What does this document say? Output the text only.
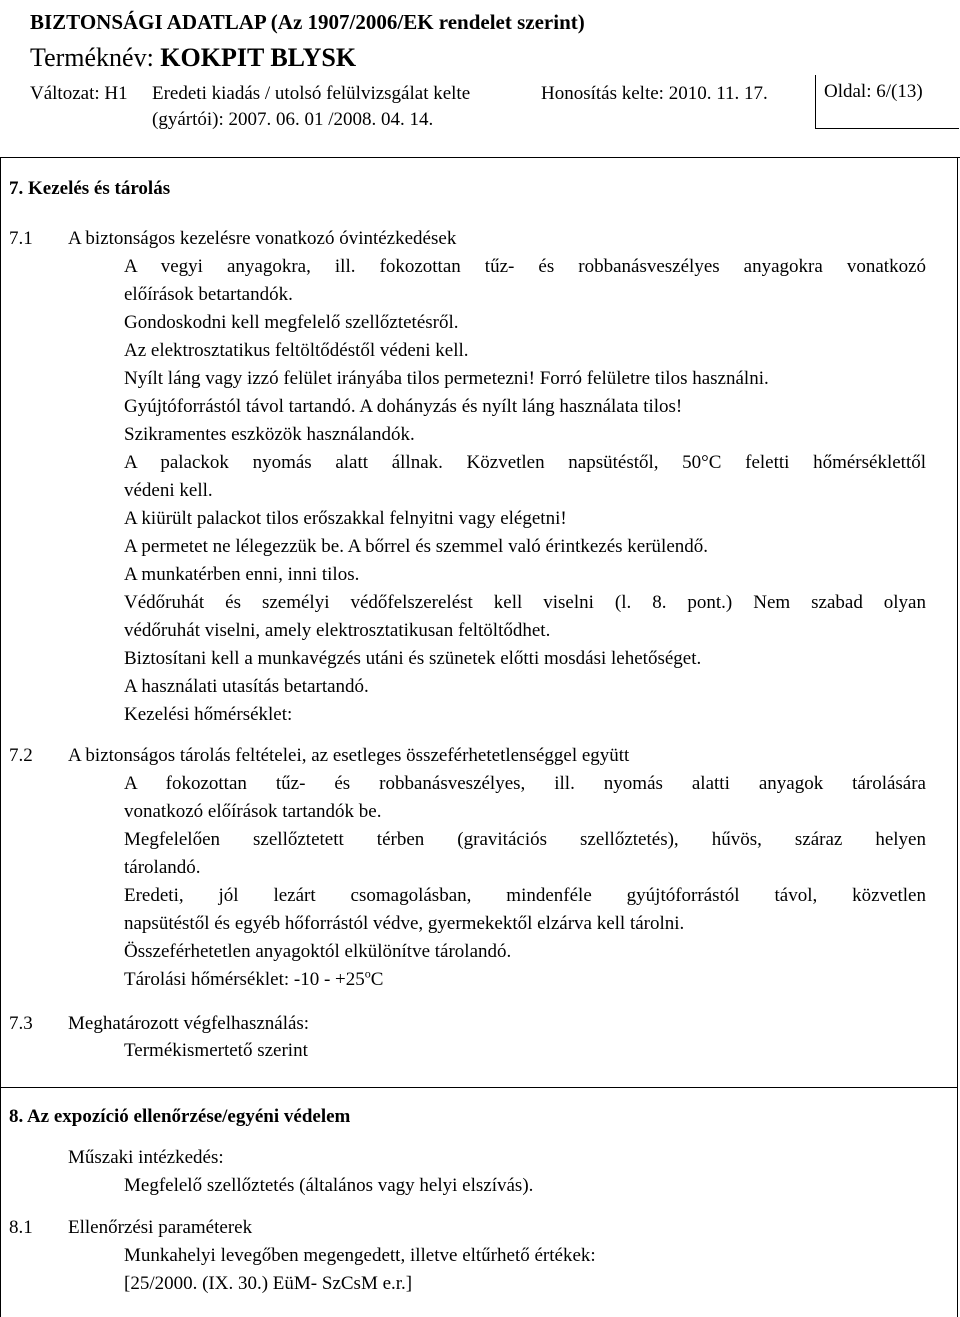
BIZTONSÁGI ADATLAP (Az 1907/2006/EK rendelet szerint)
Terméknév: KOKPIT BLYSK
Változat: H1 Eredeti kiadás / utolsó felülvizsgálat kelte
(gyártói): 2007. 06. 01 /2008. 04. 14.
Honosítás kelte: 2010. 11. 17.	Oldal: 6/(13)
7. Kezelés és tárolás
7.1 A biztonságos kezelésre vonatkozó óvintézkedések
A vegyi anyagokra, ill. fokozottan tűz- és robbanásveszélyes anyagokra vonatkozó
előírások betartandók.
Gondoskodni kell megfelelő szellőztetésről.
Az elektrosztatikus feltöltődéstől védeni kell.
Nyílt láng vagy izzó felület irányába tilos permetezni! Forró felületre tilos használni.
Gyújtóforrástól távol tartandó. A dohányzás és nyílt láng használata tilos!
Szikramentes eszközök használandók.
A palackok nyomás alatt állnak. Közvetlen napsütéstől, 50°C feletti hőmérséklettől
védeni kell.
A kiürült palackot tilos erőszakkal felnyitni vagy elégetni!
A permetet ne lélegezzük be. A bőrrel és szemmel való érintkezés kerülendő.
A munkatérben enni, inni tilos.
Védőruhát és személyi védőfelszerelést kell viselni (l. 8. pont.) Nem szabad olyan
védőruhát viselni, amely elektrosztatikusan feltöltődhet.
Biztosítani kell a munkavégzés utáni és szünetek előtti mosdási lehetőséget.
A használati utasítás betartandó.
Kezelési hőmérséklet:
7.2 A biztonságos tárolás feltételei, az esetleges összeférhetetlenséggel együtt
A fokozottan tűz- és robbanásveszélyes, ill. nyomás alatti anyagok tárolására
vonatkozó előírások tartandók be.
Megfelelően szellőztetett térben (gravitációs szellőztetés), hűvös, száraz helyen
tárolandó.
Eredeti, jól lezárt csomagolásban, mindenféle gyújtóforrástól távol, közvetlen
napsütéstől és egyéb hőforrástól védve, gyermekektől elzárva kell tárolni.
Összeférhetetlen anyagoktól elkülönítve tárolandó.
Tárolási hőmérséklet: $-10 - +25^oC$
7.3 Meghatározott végfelhasználás:
Termékismertető szerint
8. Az expozíció ellenőrzése/egyéni védelem
Műszaki intézkedés:
Megfelelő szellőztetés (általános vagy helyi elszívás).
8.1 Ellenőrzési paraméterek
Munkahelyi levegőben megengedett, illetve eltűrhető értékek:
[25/2000. (IX. 30.) EüM- SzCsM e.r.]
